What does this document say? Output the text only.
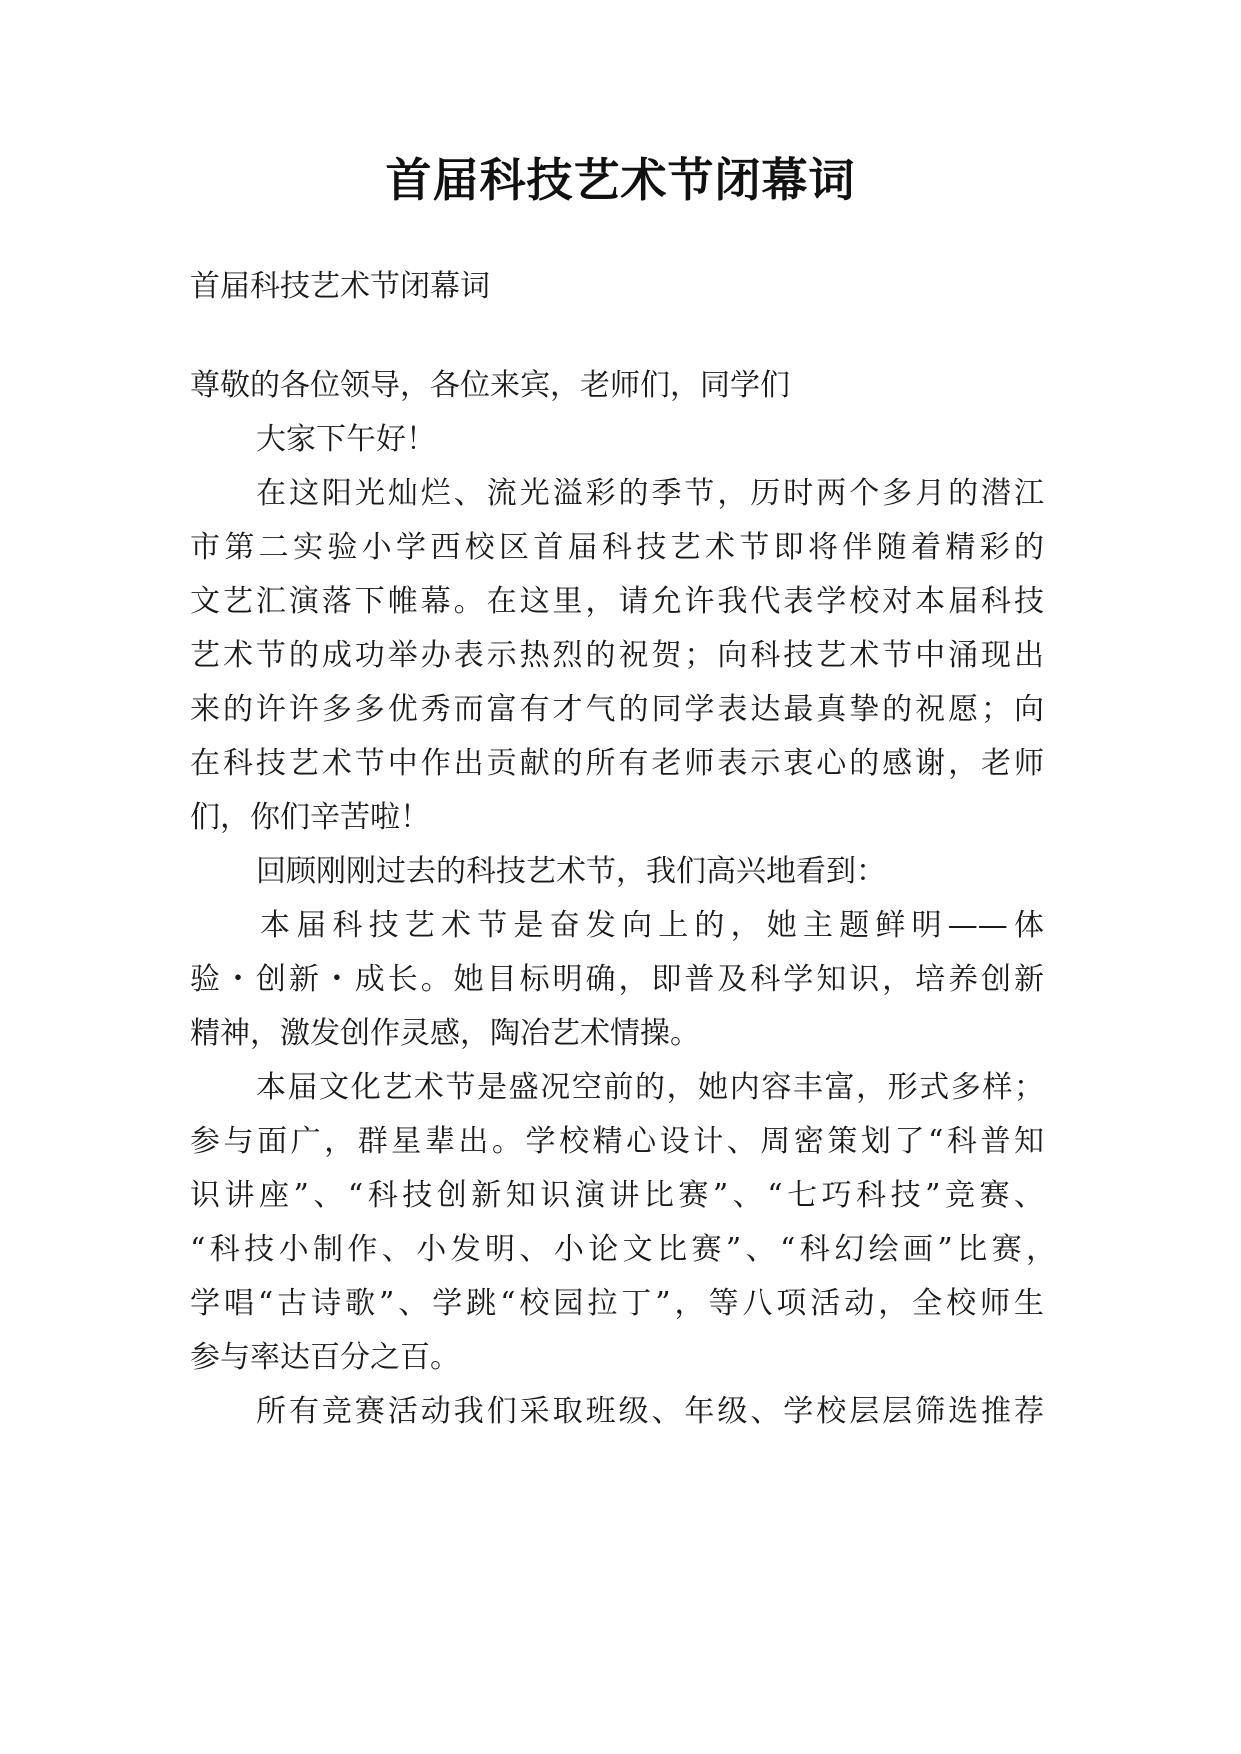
首届科技艺术节闭幕词
首届科技艺术节闭幕词
尊敬的各位领导，各位来宾，老师们，同学们
大家下午好！
在这阳光灿烂、流光溢彩的季节，历时两个多月的潜江
市第二实验小学西校区首届科技艺术节即将伴随着精彩的
文艺汇演落下帷幕。在这里，请允许我代表学校对本届科技
艺术节的成功举办表示热烈的祝贺；向科技艺术节中涌现出
来的许许多多优秀而富有才气的同学表达最真挚的祝愿；向
在科技艺术节中作出贡献的所有老师表示衷心的感谢，老师
们，你们辛苦啦！
回顾刚刚过去的科技艺术节，我们高兴地看到：
本届科技艺术节是奋发向上的，她主题鲜明——体
验・创新・成长。她目标明确，即普及科学知识，培养创新
精神，激发创作灵感，陶冶艺术情操。
本届文化艺术节是盛况空前的，她内容丰富，形式多样；
参与面广，群星辈出。学校精心设计、周密策划了“科普知
识讲座”、“科技创新知识演讲比赛”、“七巧科技”竞赛、
“科技小制作、小发明、小论文比赛”、“科幻绘画”比赛，
学唱“古诗歌”、学跳“校园拉丁”，等八项活动，全校师生
参与率达百分之百。
所有竞赛活动我们采取班级、年级、学校层层筛选推荐
